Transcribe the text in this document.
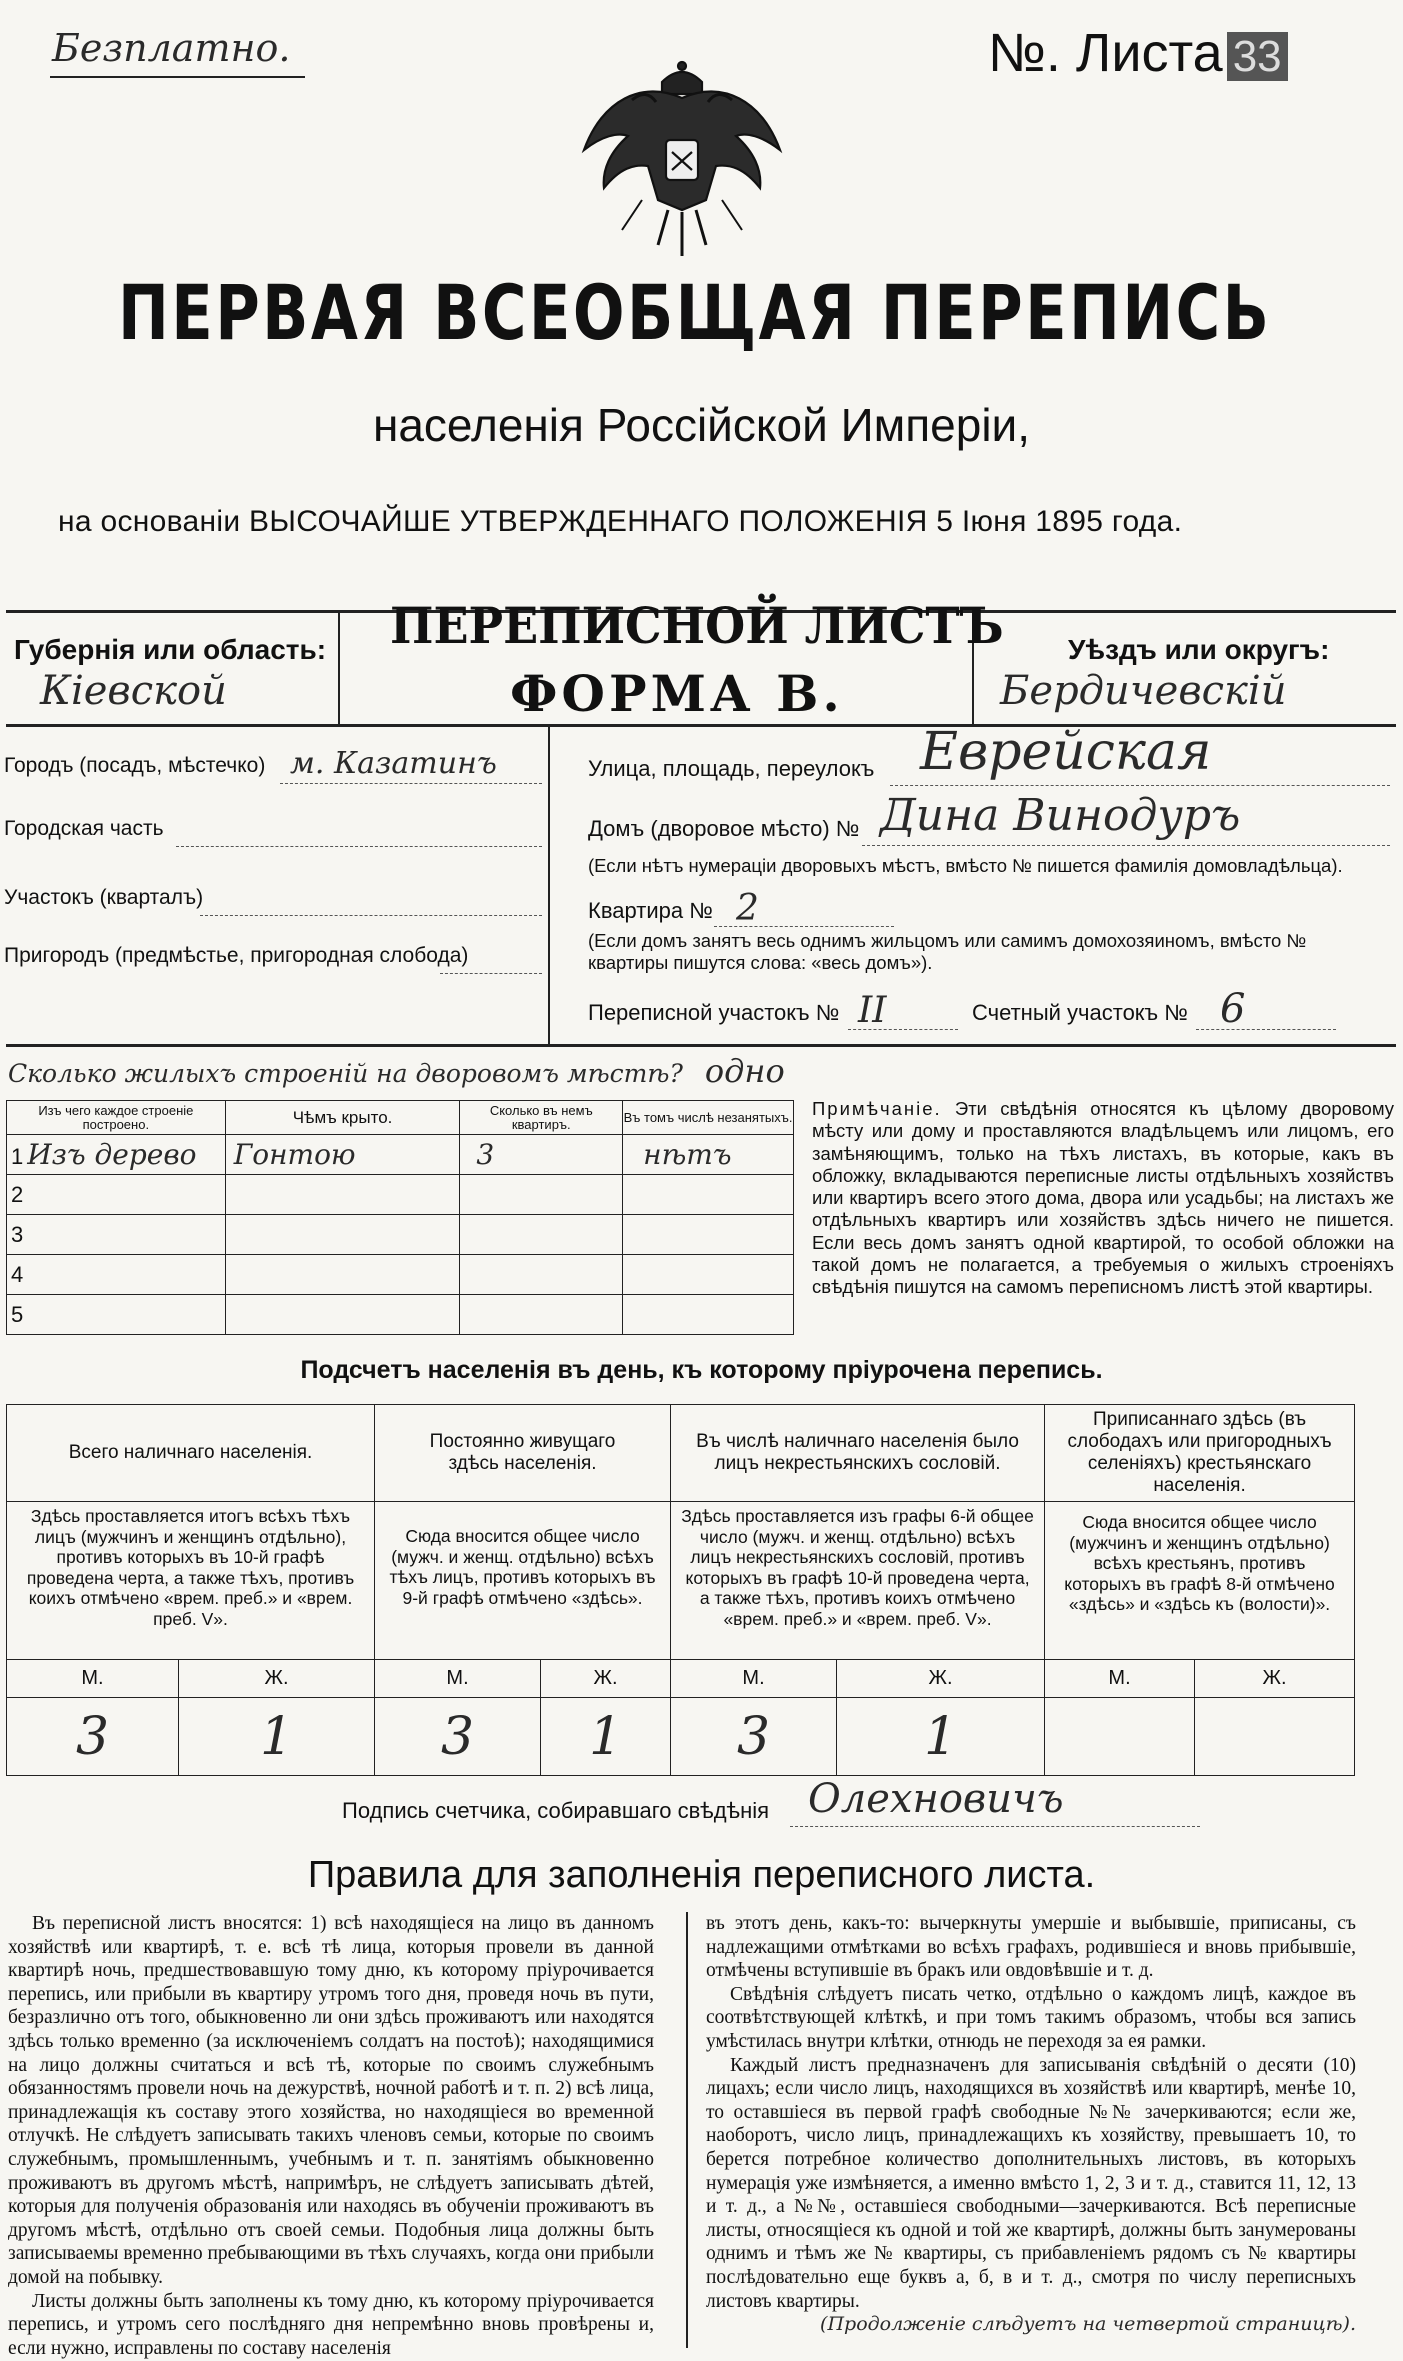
Безплатно.	№. Листа 33
ПЕРВАЯ ВСЕОБЩАЯ ПЕРЕПИСЬ
населенія Россійской Имперіи,
на основаніи ВЫСОЧАЙШЕ УТВЕРЖДЕННАГО ПОЛОЖЕНІЯ 5 Іюня 1895 года.
Губернія или область:
Кіевской
ПЕРЕПИСНОЙ ЛИСТЪ
ФОРМА В.
Уѣздъ или округъ:
Бердичевскій
Городъ (посадъ, мѣстечко) м. Казатинъ
Городская часть
Участокъ (кварталъ)
Пригородъ (предмѣстье, пригородная слобода)
Улица, площадь, переулокъ Еврейская
Домъ (дворовое мѣсто) № Дина Винодуръ
(Если нѣтъ нумераціи дворовыхъ мѣстъ, вмѣсто № пишется фамилія домовладѣльца).
Квартира № 2
(Если домъ занятъ весь однимъ жильцомъ или самимъ домохозяиномъ, вмѣсто № квартиры пишутся слова: «весь домъ»).
Переписной участокъ № II	Счетный участокъ № 6
Сколько жилыхъ строеній на дворовомъ мѣстѣ? одно
Изъ чего каждое строеніе построено.	Чѣмъ крыто.	Сколько въ немъ квартиръ.	Въ томъ числѣ незанятыхъ.

1 Изъ дерево	Гонтою	3	нѣтъ
2			
3			
4			
5			
Примѣчаніе. Эти свѣдѣнія относятся къ цѣлому дворовому мѣсту или дому и проставляются владѣльцемъ или лицомъ, его замѣняющимъ, только на тѣхъ листахъ, въ которые, какъ въ обложку, вкладываются переписные листы отдѣльныхъ хозяйствъ или квартиръ всего этого дома, двора или усадьбы; на листахъ же отдѣльныхъ квартиръ или хозяйствъ здѣсь ничего не пишется. Если весь домъ занятъ одной квартирой, то особой обложки на такой домъ не полагается, а требуемыя о жилыхъ строеніяхъ свѣдѣнія пишутся на самомъ переписномъ листѣ этой квартиры.
Подсчетъ населенія въ день, къ которому пріурочена перепись.
Всего наличнаго населенія.		Постоянно живущаго здѣсь населенія.		Въ числѣ наличнаго населенія было лицъ некрестьянскихъ сословій.		Приписаннаго здѣсь (въ слободахъ или пригородныхъ селеніяхъ) крестьянскаго населенія.	
Здѣсь проставляется итогъ всѣхъ тѣхъ лицъ (мужчинъ и женщинъ отдѣльно), противъ которыхъ въ 10-й графѣ проведена черта, а также тѣхъ, противъ коихъ отмѣчено «врем. преб.» и «врем. преб. V».		Сюда вносится общее число (мужч. и женщ. отдѣльно) всѣхъ тѣхъ лицъ, противъ которыхъ въ 9-й графѣ отмѣчено «здѣсь».		Здѣсь проставляется изъ графы 6-й общее число (мужч. и женщ. отдѣльно) всѣхъ лицъ некрестьянскихъ сословій, противъ которыхъ въ графѣ 10-й проведена черта, а также тѣхъ, противъ коихъ отмѣчено «врем. преб.» и «врем. преб. V».		Сюда вносится общее число (мужчинъ и женщинъ отдѣльно) всѣхъ крестьянъ, противъ которыхъ въ графѣ 8-й отмѣчено «здѣсь» и «здѣсь къ (волости)».	
М.	Ж.	М.	Ж.	М.	Ж.	М.	Ж.
3	1	3	1	3	1		
Подпись счетчика, собиравшаго свѣдѣнія Олехновичъ
Правила для заполненія переписного листа.

Въ переписной листъ вносятся: 1) всѣ находящіеся на лицо въ данномъ хозяйствѣ или квартирѣ, т. е. всѣ тѣ лица, которыя провели въ данной квартирѣ ночь, предшествовавшую тому дню, къ которому пріурочивается перепись, или прибыли въ квартиру утромъ того дня, проведя ночь въ пути, безразлично отъ того, обыкновенно ли они здѣсь проживаютъ или находятся здѣсь только временно (за исключеніемъ солдатъ на постоѣ); находящимися на лицо должны считаться и всѣ тѣ, которые по своимъ служебнымъ обязанностямъ провели ночь на дежурствѣ, ночной работѣ и т. п. 2) всѣ лица, принадлежащія къ составу этого хозяйства, но находящіеся во временной отлучкѣ. Не слѣдуетъ записывать такихъ членовъ семьи, которые по своимъ служебнымъ, промышленнымъ, учебнымъ и т. п. занятіямъ обыкновенно проживаютъ въ другомъ мѣстѣ, напримѣръ, не слѣдуетъ записывать дѣтей, которыя для полученія образованія или находясь въ обученіи проживаютъ въ другомъ мѣстѣ, отдѣльно отъ своей семьи. Подобныя лица должны быть записываемы временно пребывающими въ тѣхъ случаяхъ, когда они прибыли домой на побывку.

Листы должны быть заполнены къ тому дню, къ которому пріурочивается перепись, и утромъ сего послѣдняго дня непремѣнно вновь провѣрены и, если нужно, исправлены по составу населенія

въ этотъ день, какъ-то: вычеркнуты умершіе и выбывшіе, приписаны, съ надлежащими отмѣтками во всѣхъ графахъ, родившіеся и вновь прибывшіе, отмѣчены вступившіе въ бракъ или овдовѣвшіе и т. д.

Свѣдѣнія слѣдуетъ писать четко, отдѣльно о каждомъ лицѣ, каждое въ соотвѣтствующей клѣткѣ, и при томъ такимъ образомъ, чтобы вся запись умѣстилась внутри клѣтки, отнюдь не переходя за ея рамки.

Каждый листъ предназначенъ для записыванія свѣдѣній о десяти (10) лицахъ; если число лицъ, находящихся въ хозяйствѣ или квартирѣ, менѣе 10, то оставшіеся въ первой графѣ свободные №№ зачеркиваются; если же, наоборотъ, число лицъ, принадлежащихъ къ хозяйству, превышаетъ 10, то берется потребное количество дополнительныхъ листовъ, въ которыхъ нумерація уже измѣняется, а именно вмѣсто 1, 2, 3 и т. д., ставится 11, 12, 13 и т. д., а №№, оставшіеся свободными—зачеркиваются. Всѣ переписные листы, относящіеся къ одной и той же квартирѣ, должны быть занумерованы однимъ и тѣмъ же № квартиры, съ прибавленіемъ рядомъ съ № квартиры послѣдовательно еще буквъ а, б, в и т. д., смотря по числу переписныхъ листовъ квартиры.

(Продолженіе слѣдуетъ на четвертой страницѣ).
